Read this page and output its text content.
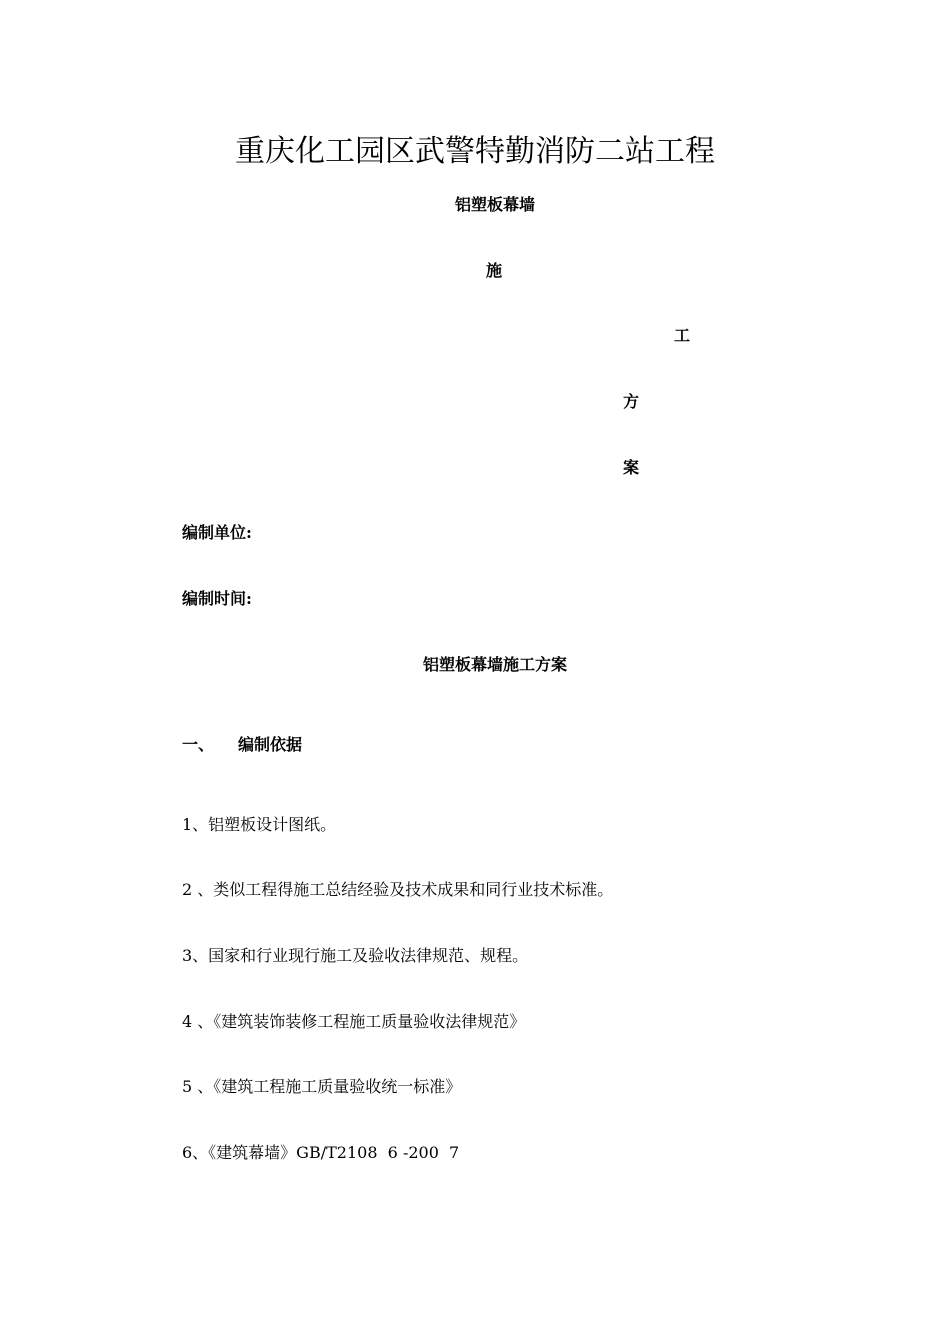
重庆化工园区武警特勤消防二站工程
铝塑板幕墙
施
工
方
案
编制单位:
编制时间:
铝塑板幕墙施工方案
一、 编制依据
1、铝塑板设计图纸。
2 、类似工程得施工总结经验及技术成果和同行业技术标准。
3、国家和行业现行施工及验收法律规范、规程。
4 、《建筑装饰装修工程施工质量验收法律规范》
5 、《建筑工程施工质量验收统一标准》
6、《建筑幕墙》GB/T2108  6 -200  7
